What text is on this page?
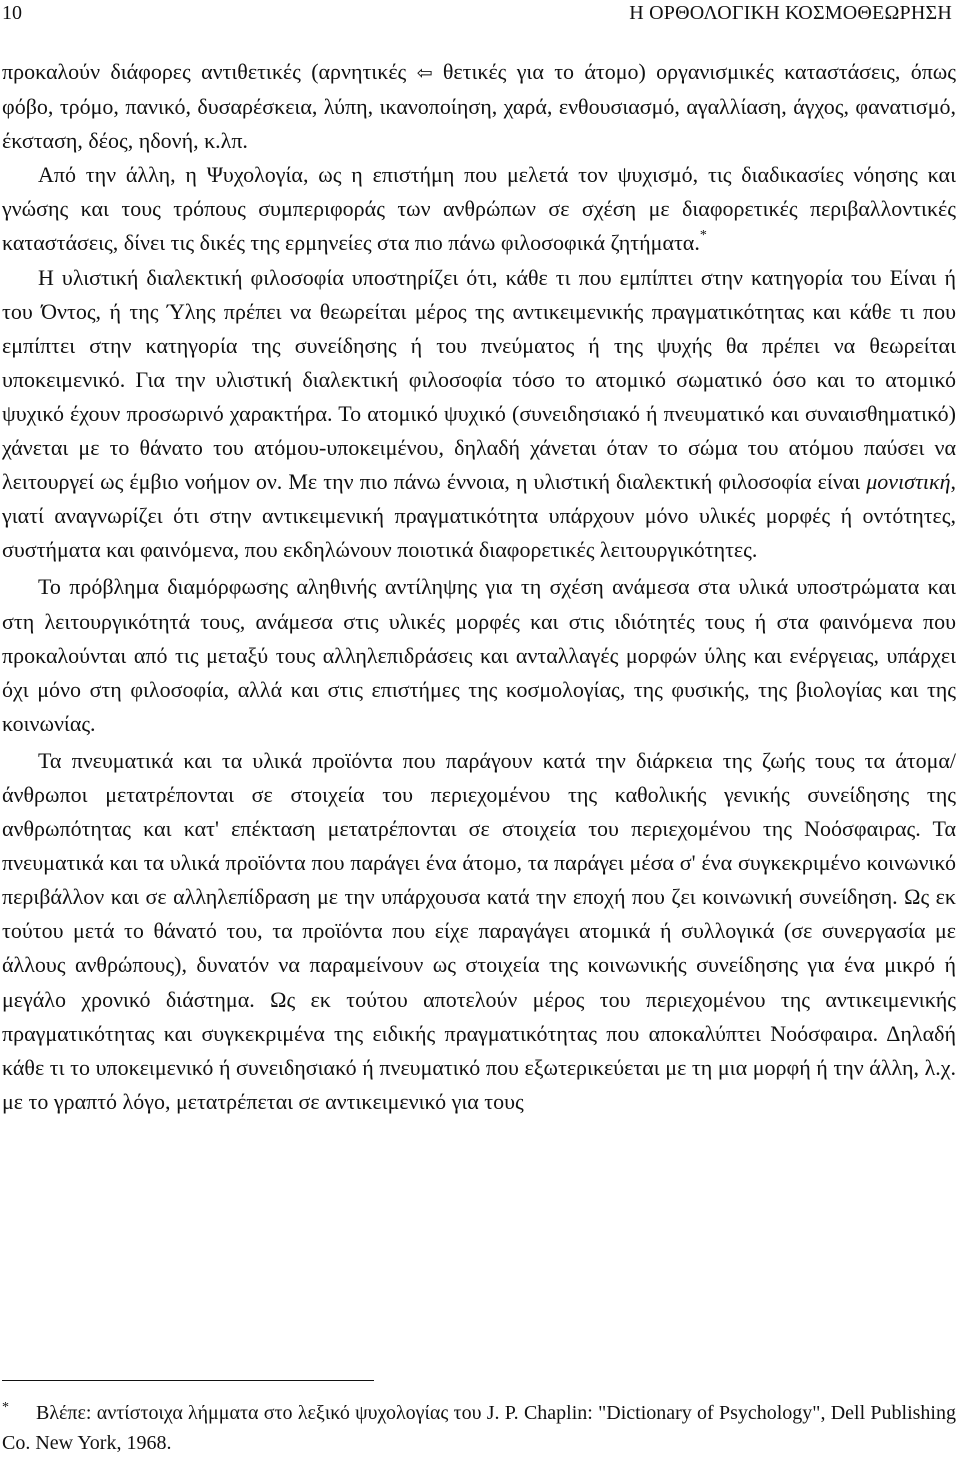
10	Η ΟΡΘΟΛΟΓΙΚΗ ΚΟΣΜΟΘΕΩΡΗΣΗ

προκαλούν διάφορες αντιθετικές (αρνητικές ⇦ θετικές για το άτομο) οργανισμικές καταστάσεις, όπως φόβο, τρόμο, πανικό, δυσαρέσκεια, λύπη, ικανοποίηση, χαρά, ενθουσιασμό, αγαλλίαση, άγχος, φανατισμό, έκσταση, δέος, ηδονή, κ.λπ.

Από την άλλη, η Ψυχολογία, ως η επιστήμη που μελετά τον ψυχισμό, τις διαδικασίες νόησης και γνώσης και τους τρόπους συμπεριφοράς των ανθρώπων σε σχέση με διαφορετικές περιβαλλοντικές καταστάσεις, δίνει τις δικές της ερμηνείες στα πιο πάνω φιλοσοφικά ζητήματα.*

Η υλιστική διαλεκτική φιλοσοφία υποστηρίζει ότι, κάθε τι που εμπίπτει στην κατηγορία του Είναι ή του Όντος, ή της Ύλης πρέπει να θεωρείται μέρος της αντικειμενικής πραγματικότητας και κάθε τι που εμπίπτει στην κατηγορία της συνείδησης ή του πνεύματος ή της ψυχής θα πρέπει να θεωρείται υποκειμενικό. Για την υλιστική διαλεκτική φιλοσοφία τόσο το ατομικό σωματικό όσο και το ατομικό ψυχικό έχουν προσωρινό χαρακτήρα. Το ατομικό ψυχικό (συνειδησιακό ή πνευματικό και συναισθηματικό) χάνεται με το θάνατο του ατόμου-υποκειμένου, δηλαδή χάνεται όταν το σώμα του ατόμου παύσει να λειτουργεί ως έμβιο νοήμον ον. Με την πιο πάνω έννοια, η υλιστική διαλεκτική φιλοσοφία είναι μονιστική, γιατί αναγνωρίζει ότι στην αντικειμενική πραγματικότητα υπάρχουν μόνο υλικές μορφές ή οντότητες, συστήματα και φαινόμενα, που εκδηλώνουν ποιοτικά διαφορετικές λειτουργικότητες.

Το πρόβλημα διαμόρφωσης αληθινής αντίληψης για τη σχέση ανάμεσα στα υλικά υποστρώματα και στη λειτουργικότητά τους, ανάμεσα στις υλικές μορφές και στις ιδιότητές τους ή στα φαινόμενα που προκαλούνται από τις μεταξύ τους αλληλεπιδράσεις και ανταλλαγές μορφών ύλης και ενέργειας, υπάρχει όχι μόνο στη φιλοσοφία, αλλά και στις επιστήμες της κοσμολογίας, της φυσικής, της βιολογίας και της κοινωνίας.

Τα πνευματικά και τα υλικά προϊόντα που παράγουν κατά την διάρκεια της ζωής τους τα άτομα/άνθρωποι μετατρέπονται σε στοιχεία του περιεχομένου της καθολικής γενικής συνείδησης της ανθρωπότητας και κατ' επέκταση μετατρέπονται σε στοιχεία του περιεχομένου της Νοόσφαιρας. Τα πνευματικά και τα υλικά προϊόντα που παράγει ένα άτομο, τα παράγει μέσα σ' ένα συγκεκριμένο κοινωνικό περιβάλλον και σε αλληλεπίδραση με την υπάρχουσα κατά την εποχή που ζει κοινωνική συνείδηση. Ως εκ τούτου μετά το θάνατό του, τα προϊόντα που είχε παραγάγει ατομικά ή συλλογικά (σε συνεργασία με άλλους ανθρώπους), δυνατόν να παραμείνουν ως στοιχεία της κοινωνικής συνείδησης για ένα μικρό ή μεγάλο χρονικό διάστημα. Ως εκ τούτου αποτελούν μέρος του περιεχομένου της αντικειμενικής πραγματικότητας και συγκεκριμένα της ειδικής πραγματικότητας που αποκαλύπτει Νοόσφαιρα. Δηλαδή κάθε τι το υποκειμενικό ή συνειδησιακό ή πνευματικό που εξωτερικεύεται με τη μια μορφή ή την άλλη, λ.χ. με το γραπτό λόγο, μετατρέπεται σε αντικειμενικό για τους

* Βλέπε: αντίστοιχα λήμματα στο λεξικό ψυχολογίας του J. P. Chaplin: "Dictionary of Psychology", Dell Publishing Co. New York, 1968.
